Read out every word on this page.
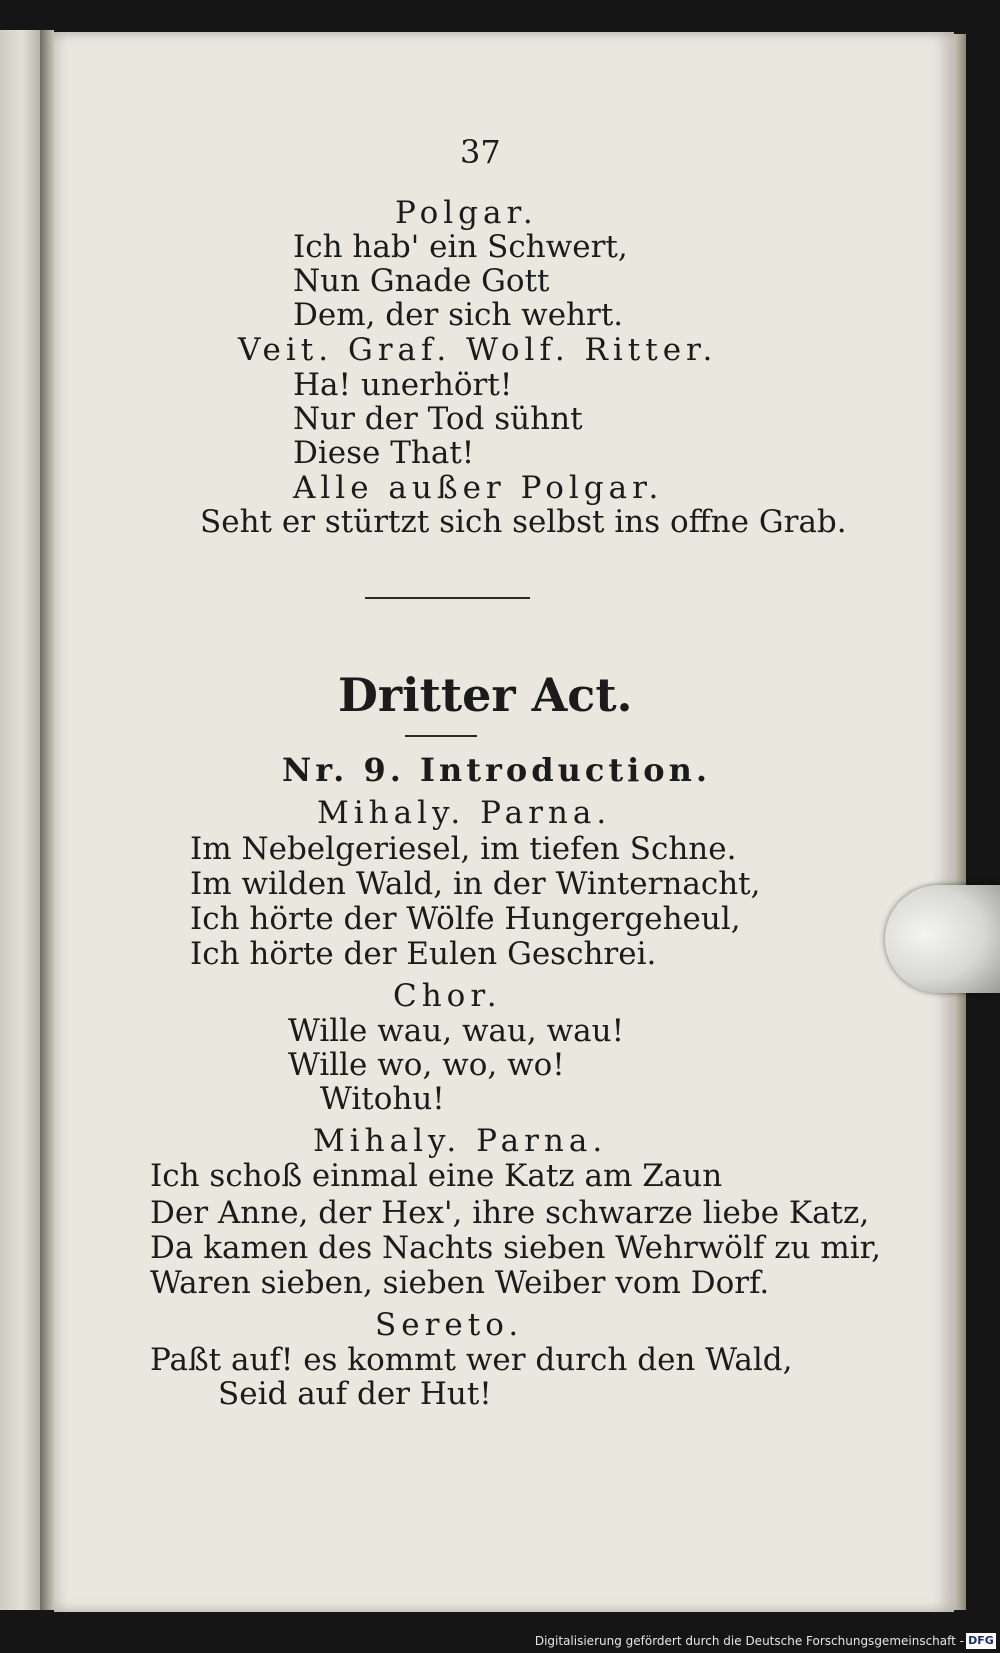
37
Polgar.
Ich hab' ein Schwert,
Nun Gnade Gott
Dem, der sich wehrt.
Veit. Graf. Wolf. Ritter.
Ha! unerhört!
Nur der Tod sühnt
Diese That!
Alle außer Polgar.
Seht er stürtzt sich selbst ins offne Grab.
Dritter Act.
Nr. 9. Introduction.
Mihaly. Parna.
Im Nebelgeriesel, im tiefen Schne.
Im wilden Wald, in der Winternacht,
Ich hörte der Wölfe Hungergeheul,
Ich hörte der Eulen Geschrei.
Chor.
Wille wau, wau, wau!
Wille wo, wo, wo!
Witohu!
Mihaly. Parna.
Ich schoß einmal eine Katz am Zaun
Der Anne, der Hex', ihre schwarze liebe Katz,
Da kamen des Nachts sieben Wehrwölf zu mir,
Waren sieben, sieben Weiber vom Dorf.
Sereto.
Paßt auf! es kommt wer durch den Wald,
Seid auf der Hut!
Digitalisierung gefördert durch die Deutsche Forschungsgemeinschaft - DFG
